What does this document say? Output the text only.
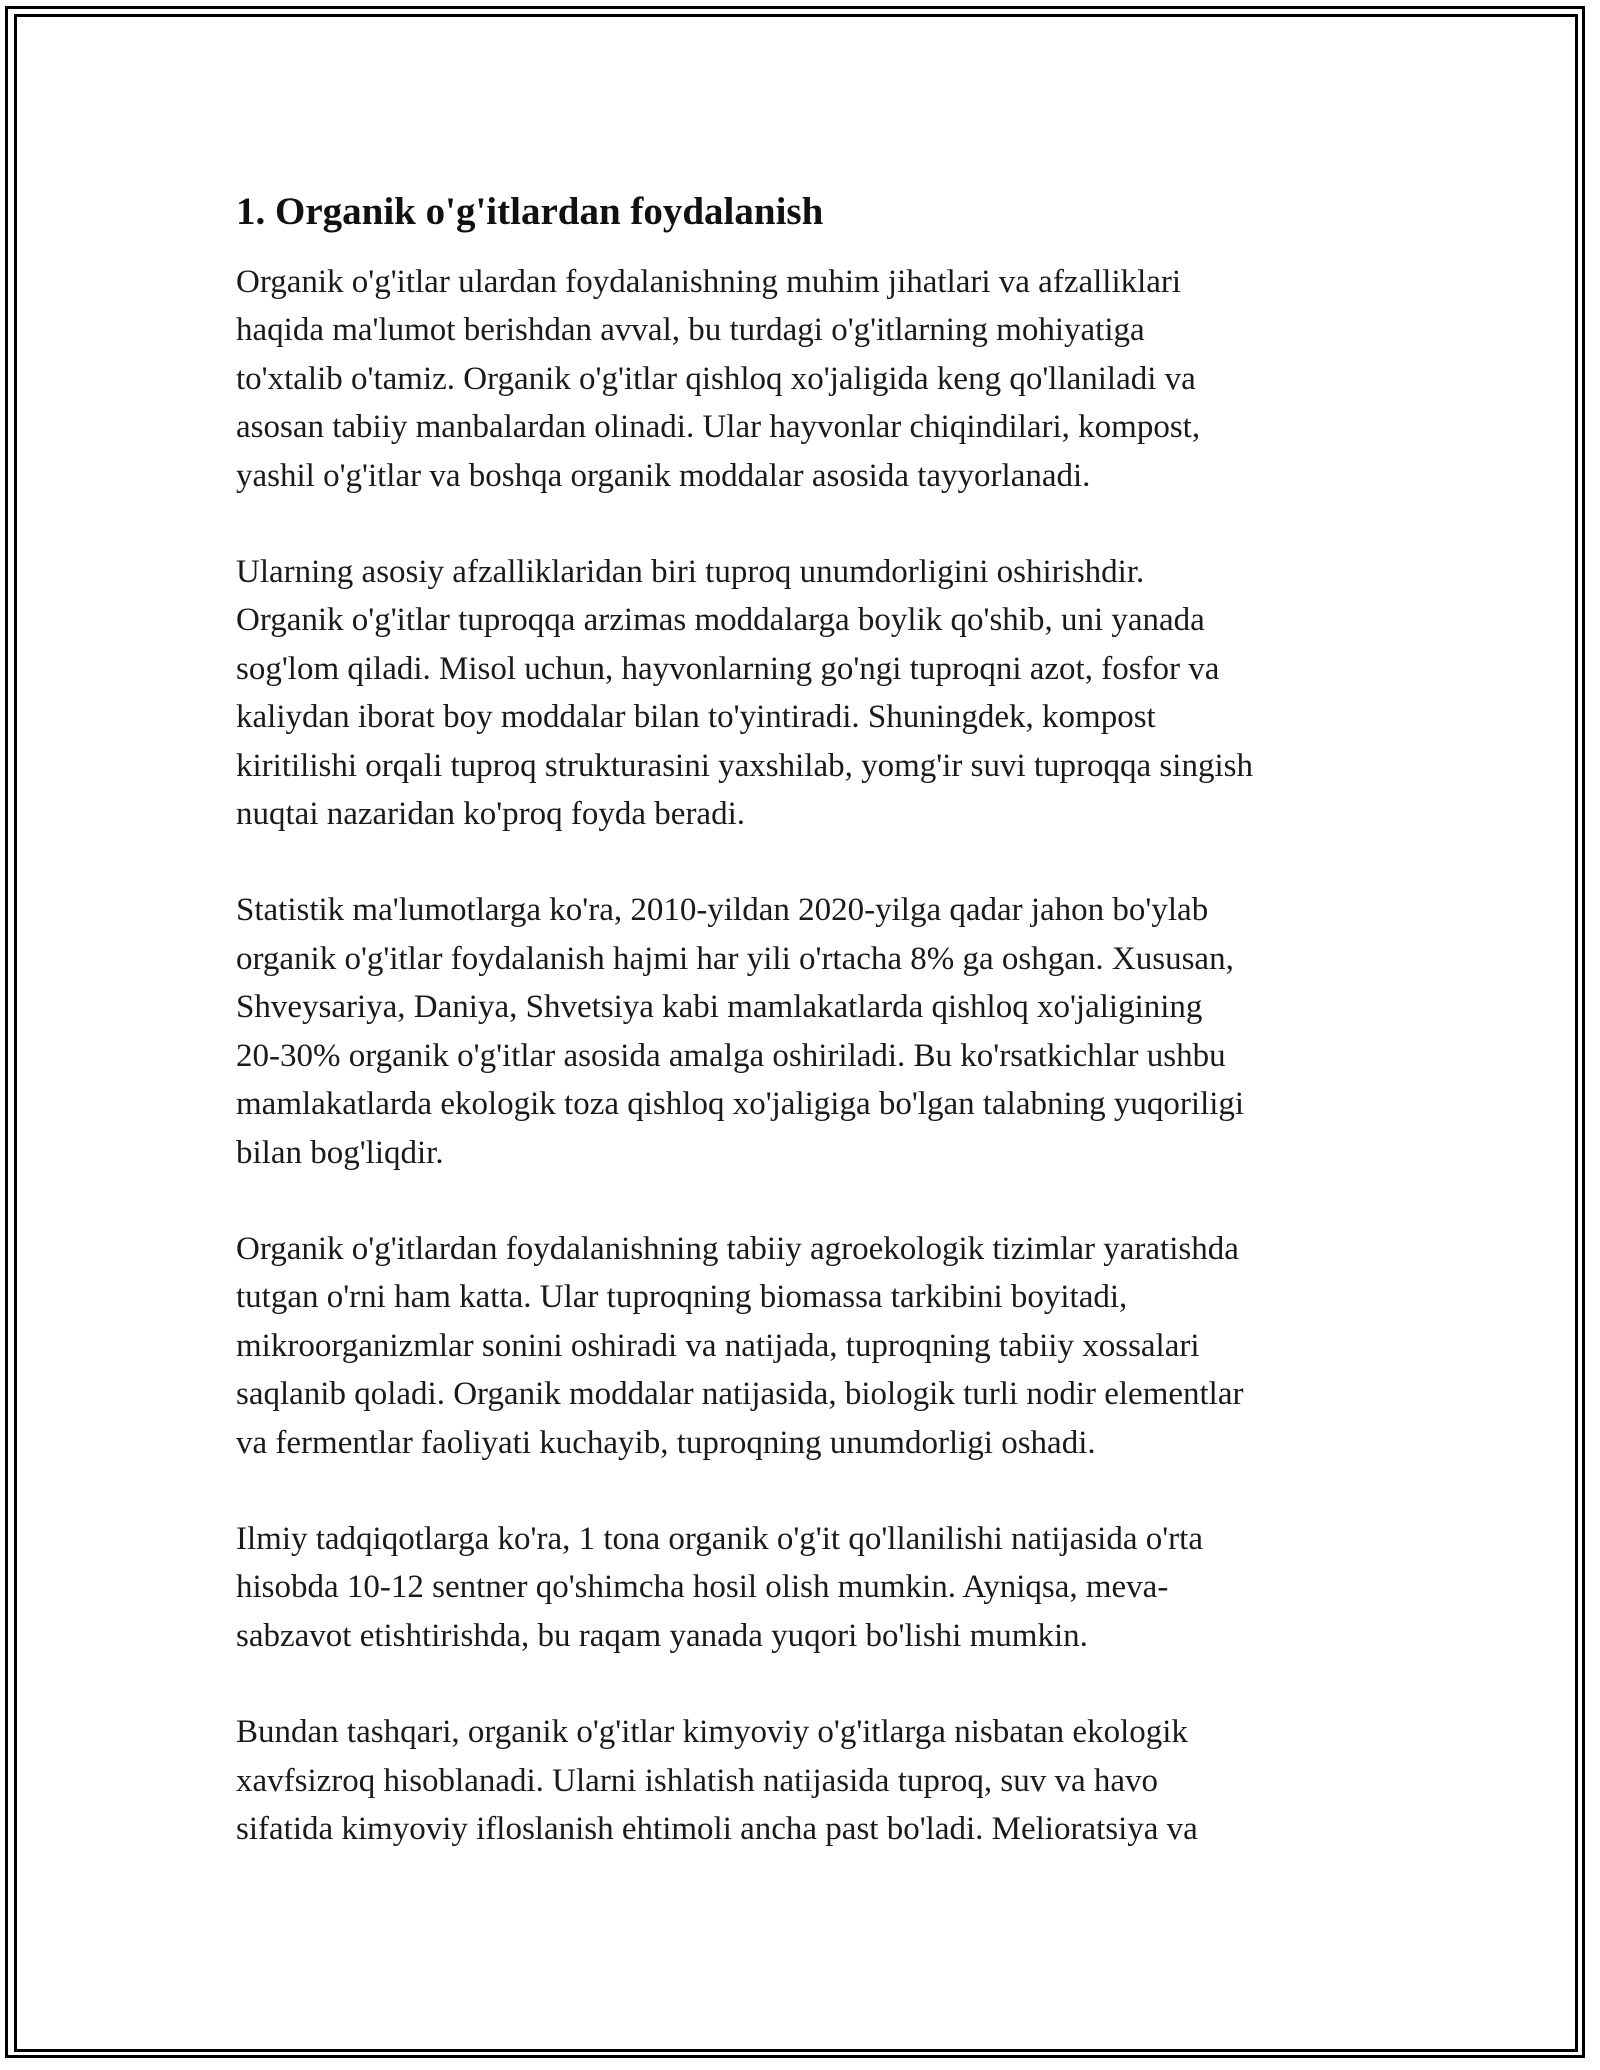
1. Organik o'g'itlardan foydalanish

Organik o'g'itlar ulardan foydalanishning muhim jihatlari va afzalliklari
haqida ma'lumot berishdan avval, bu turdagi o'g'itlarning mohiyatiga
to'xtalib o'tamiz. Organik o'g'itlar qishloq xo'jaligida keng qo'llaniladi va
asosan tabiiy manbalardan olinadi. Ular hayvonlar chiqindilari, kompost,
yashil o'g'itlar va boshqa organik moddalar asosida tayyorlanadi.

Ularning asosiy afzalliklaridan biri tuproq unumdorligini oshirishdir.
Organik o'g'itlar tuproqqa arzimas moddalarga boylik qo'shib, uni yanada
sog'lom qiladi. Misol uchun, hayvonlarning go'ngi tuproqni azot, fosfor va
kaliydan iborat boy moddalar bilan to'yintiradi. Shuningdek, kompost
kiritilishi orqali tuproq strukturasini yaxshilab, yomg'ir suvi tuproqqa singish
nuqtai nazaridan ko'proq foyda beradi.

Statistik ma'lumotlarga ko'ra, 2010-yildan 2020-yilga qadar jahon bo'ylab
organik o'g'itlar foydalanish hajmi har yili o'rtacha 8% ga oshgan. Xususan,
Shveysariya, Daniya, Shvetsiya kabi mamlakatlarda qishloq xo'jaligining
20-30% organik o'g'itlar asosida amalga oshiriladi. Bu ko'rsatkichlar ushbu
mamlakatlarda ekologik toza qishloq xo'jaligiga bo'lgan talabning yuqoriligi
bilan bog'liqdir.

Organik o'g'itlardan foydalanishning tabiiy agroekologik tizimlar yaratishda
tutgan o'rni ham katta. Ular tuproqning biomassa tarkibini boyitadi,
mikroorganizmlar sonini oshiradi va natijada, tuproqning tabiiy xossalari
saqlanib qoladi. Organik moddalar natijasida, biologik turli nodir elementlar
va fermentlar faoliyati kuchayib, tuproqning unumdorligi oshadi.

Ilmiy tadqiqotlarga ko'ra, 1 tona organik o'g'it qo'llanilishi natijasida o'rta
hisobda 10-12 sentner qo'shimcha hosil olish mumkin. Ayniqsa, meva-
sabzavot etishtirishda, bu raqam yanada yuqori bo'lishi mumkin.

Bundan tashqari, organik o'g'itlar kimyoviy o'g'itlarga nisbatan ekologik
xavfsizroq hisoblanadi. Ularni ishlatish natijasida tuproq, suv va havo
sifatida kimyoviy ifloslanish ehtimoli ancha past bo'ladi. Melioratsiya va
